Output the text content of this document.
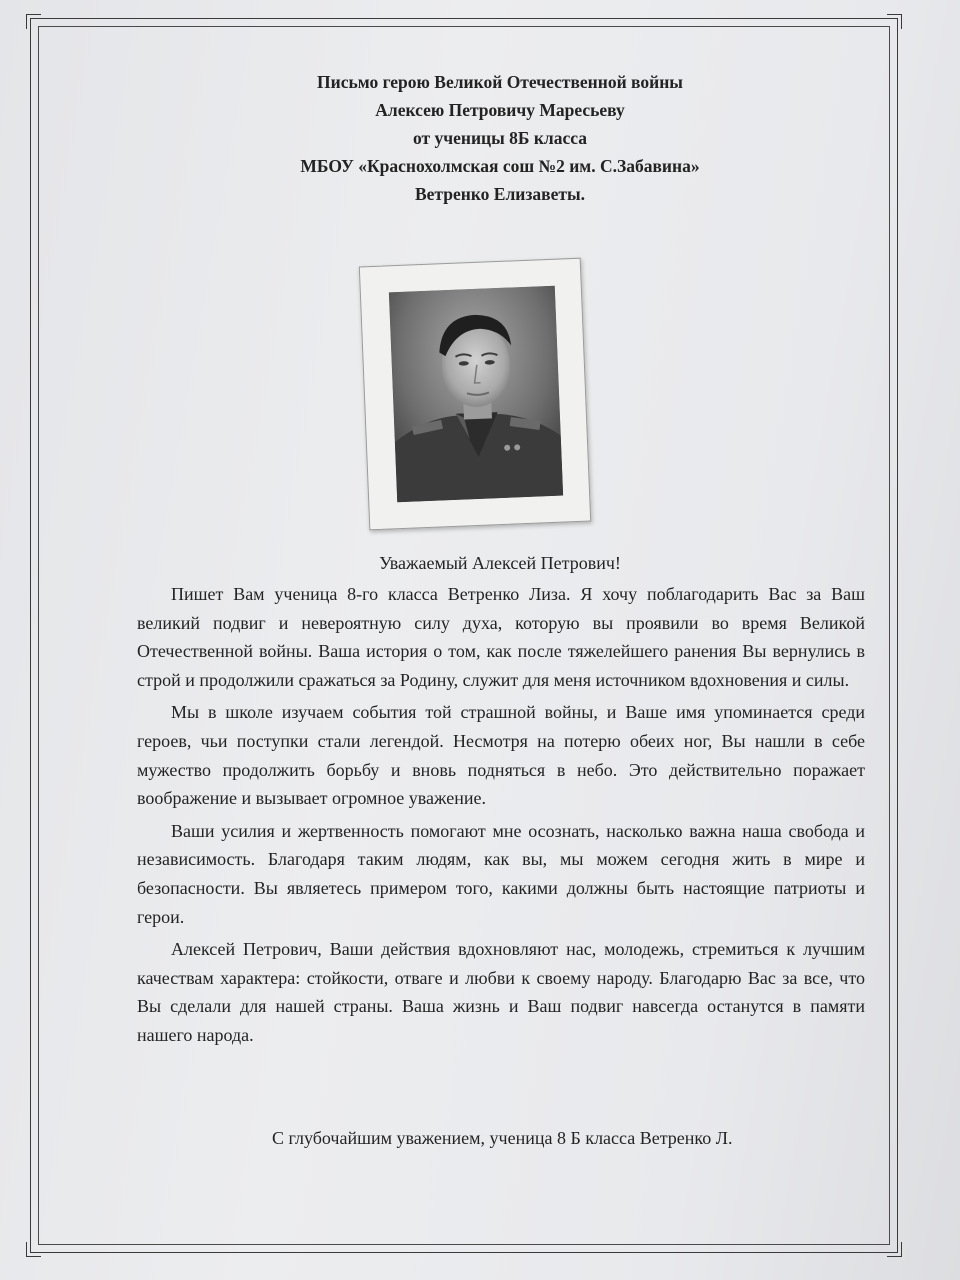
Письмо герою Великой Отечественной войны
Алексею Петровичу Маресьеву
от ученицы 8Б класса
МБОУ «Краснохолмская сош №2 им. С.Забавина»
Ветренко Елизаветы.
Уважаемый Алексей Петрович!

Пишет Вам ученица 8-го класса Ветренко Лиза. Я хочу поблагодарить Вас за Ваш великий подвиг и невероятную силу духа, которую вы проявили во время Великой Отечественной войны. Ваша история о том, как после тяжелейшего ранения Вы вернулись в строй и продолжили сражаться за Родину, служит для меня источником вдохновения и силы.

Мы в школе изучаем события той страшной войны, и Ваше имя упоминается среди героев, чьи поступки стали легендой. Несмотря на потерю обеих ног, Вы нашли в себе мужество продолжить борьбу и вновь подняться в небо. Это действительно поражает воображение и вызывает огромное уважение.

Ваши усилия и жертвенность помогают мне осознать, насколько важна наша свобода и независимость. Благодаря таким людям, как вы, мы можем сегодня жить в мире и безопасности. Вы являетесь примером того, какими должны быть настоящие патриоты и герои.

Алексей Петрович, Ваши действия вдохновляют нас, молодежь, стремиться к лучшим качествам характера: стойкости, отваге и любви к своему народу. Благодарю Вас за все, что Вы сделали для нашей страны. Ваша жизнь и Ваш подвиг навсегда останутся в памяти нашего народа.

С глубочайшим уважением, ученица 8 Б класса Ветренко Л.
